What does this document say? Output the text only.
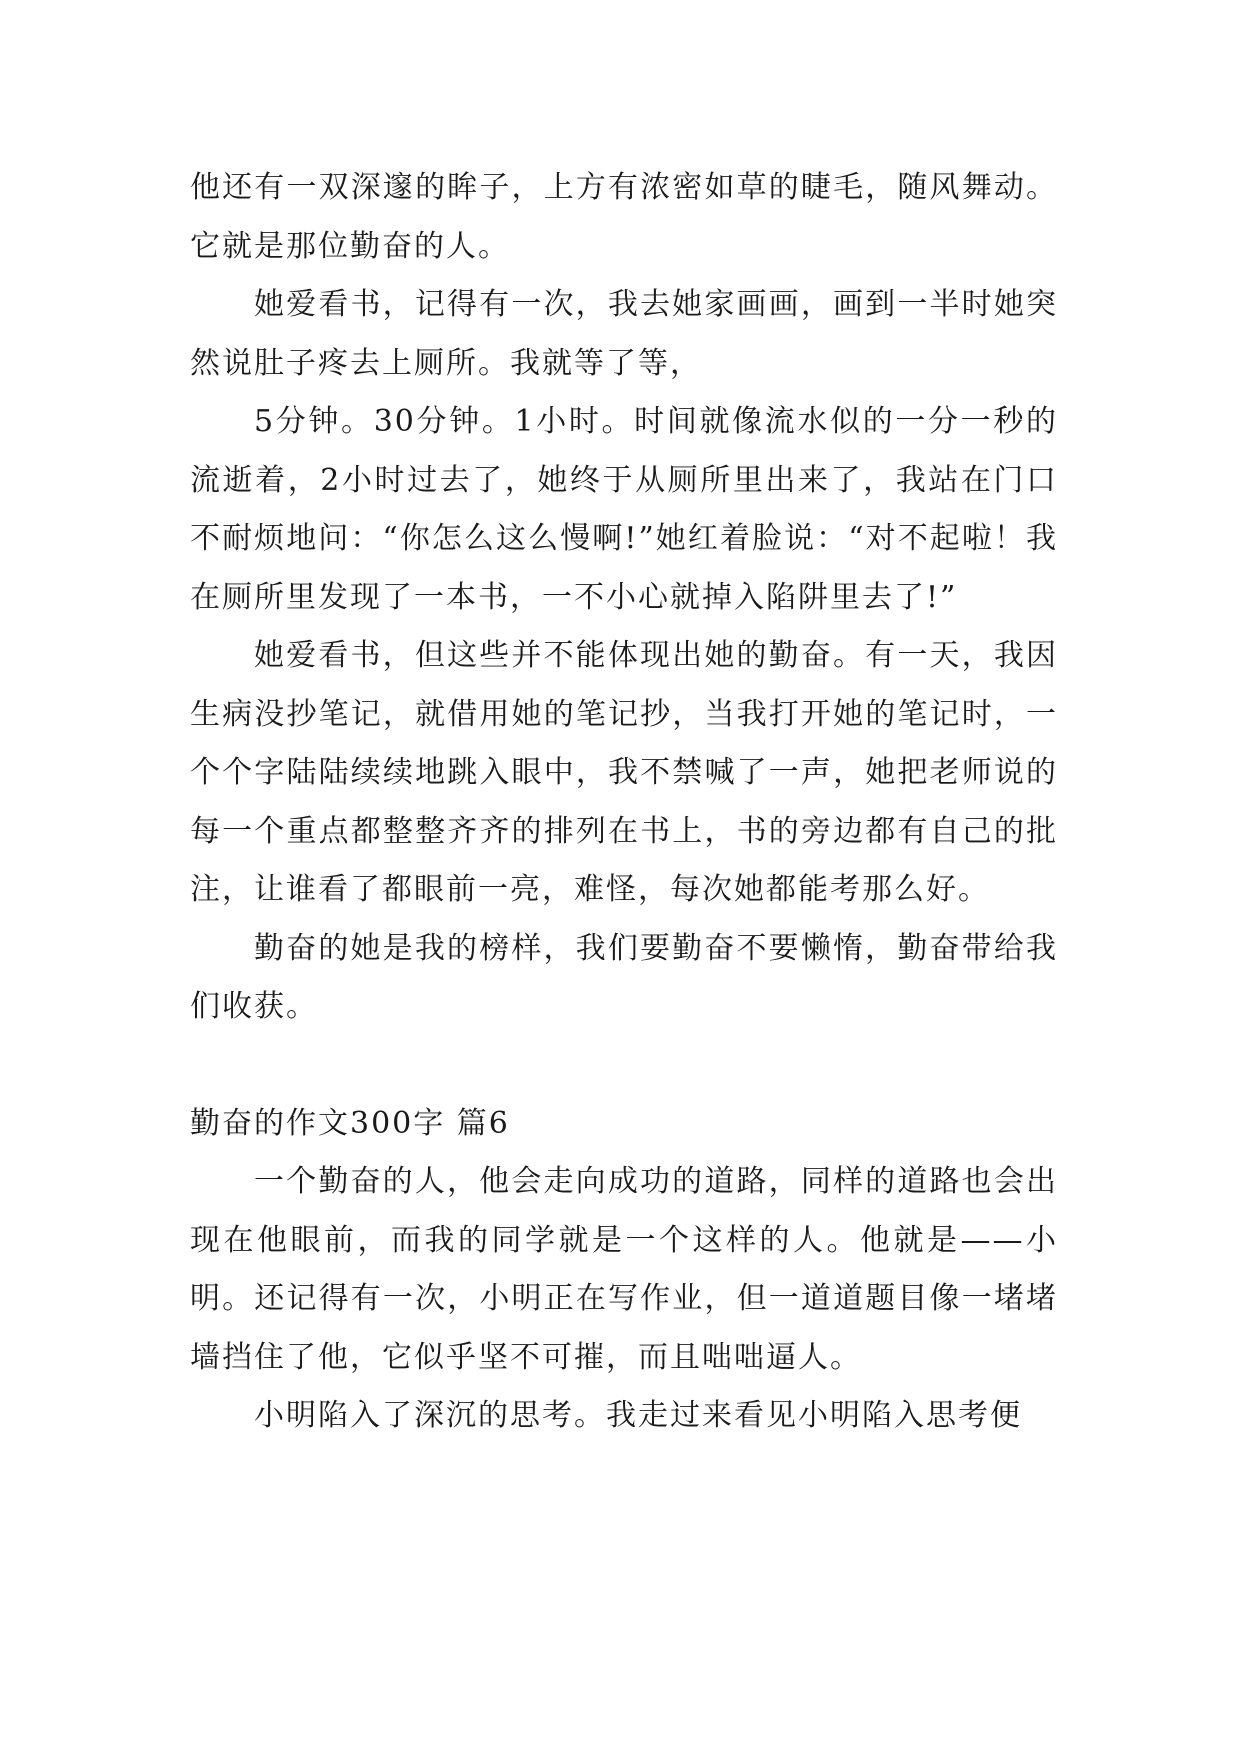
他还有一双深邃的眸子，上方有浓密如草的睫毛，随风舞动。它就是那位勤奋的人。

她爱看书，记得有一次，我去她家画画，画到一半时她突然说肚子疼去上厕所。我就等了等，

5分钟。30分钟。1小时。时间就像流水似的一分一秒的流逝着，2小时过去了，她终于从厕所里出来了，我站在门口不耐烦地问：“你怎么这么慢啊!”她红着脸说：“对不起啦！我在厕所里发现了一本书，一不小心就掉入陷阱里去了!”

她爱看书，但这些并不能体现出她的勤奋。有一天，我因生病没抄笔记，就借用她的笔记抄，当我打开她的笔记时，一个个字陆陆续续地跳入眼中，我不禁喊了一声，她把老师说的每一个重点都整整齐齐的排列在书上，书的旁边都有自己的批注，让谁看了都眼前一亮，难怪，每次她都能考那么好。

勤奋的她是我的榜样，我们要勤奋不要懒惰，勤奋带给我们收获。

勤奋的作文300字 篇6

一个勤奋的人，他会走向成功的道路，同样的道路也会出现在他眼前，而我的同学就是一个这样的人。他就是——小明。还记得有一次，小明正在写作业，但一道道题目像一堵堵墙挡住了他，它似乎坚不可摧，而且咄咄逼人。

小明陷入了深沉的思考。我走过来看见小明陷入思考便
